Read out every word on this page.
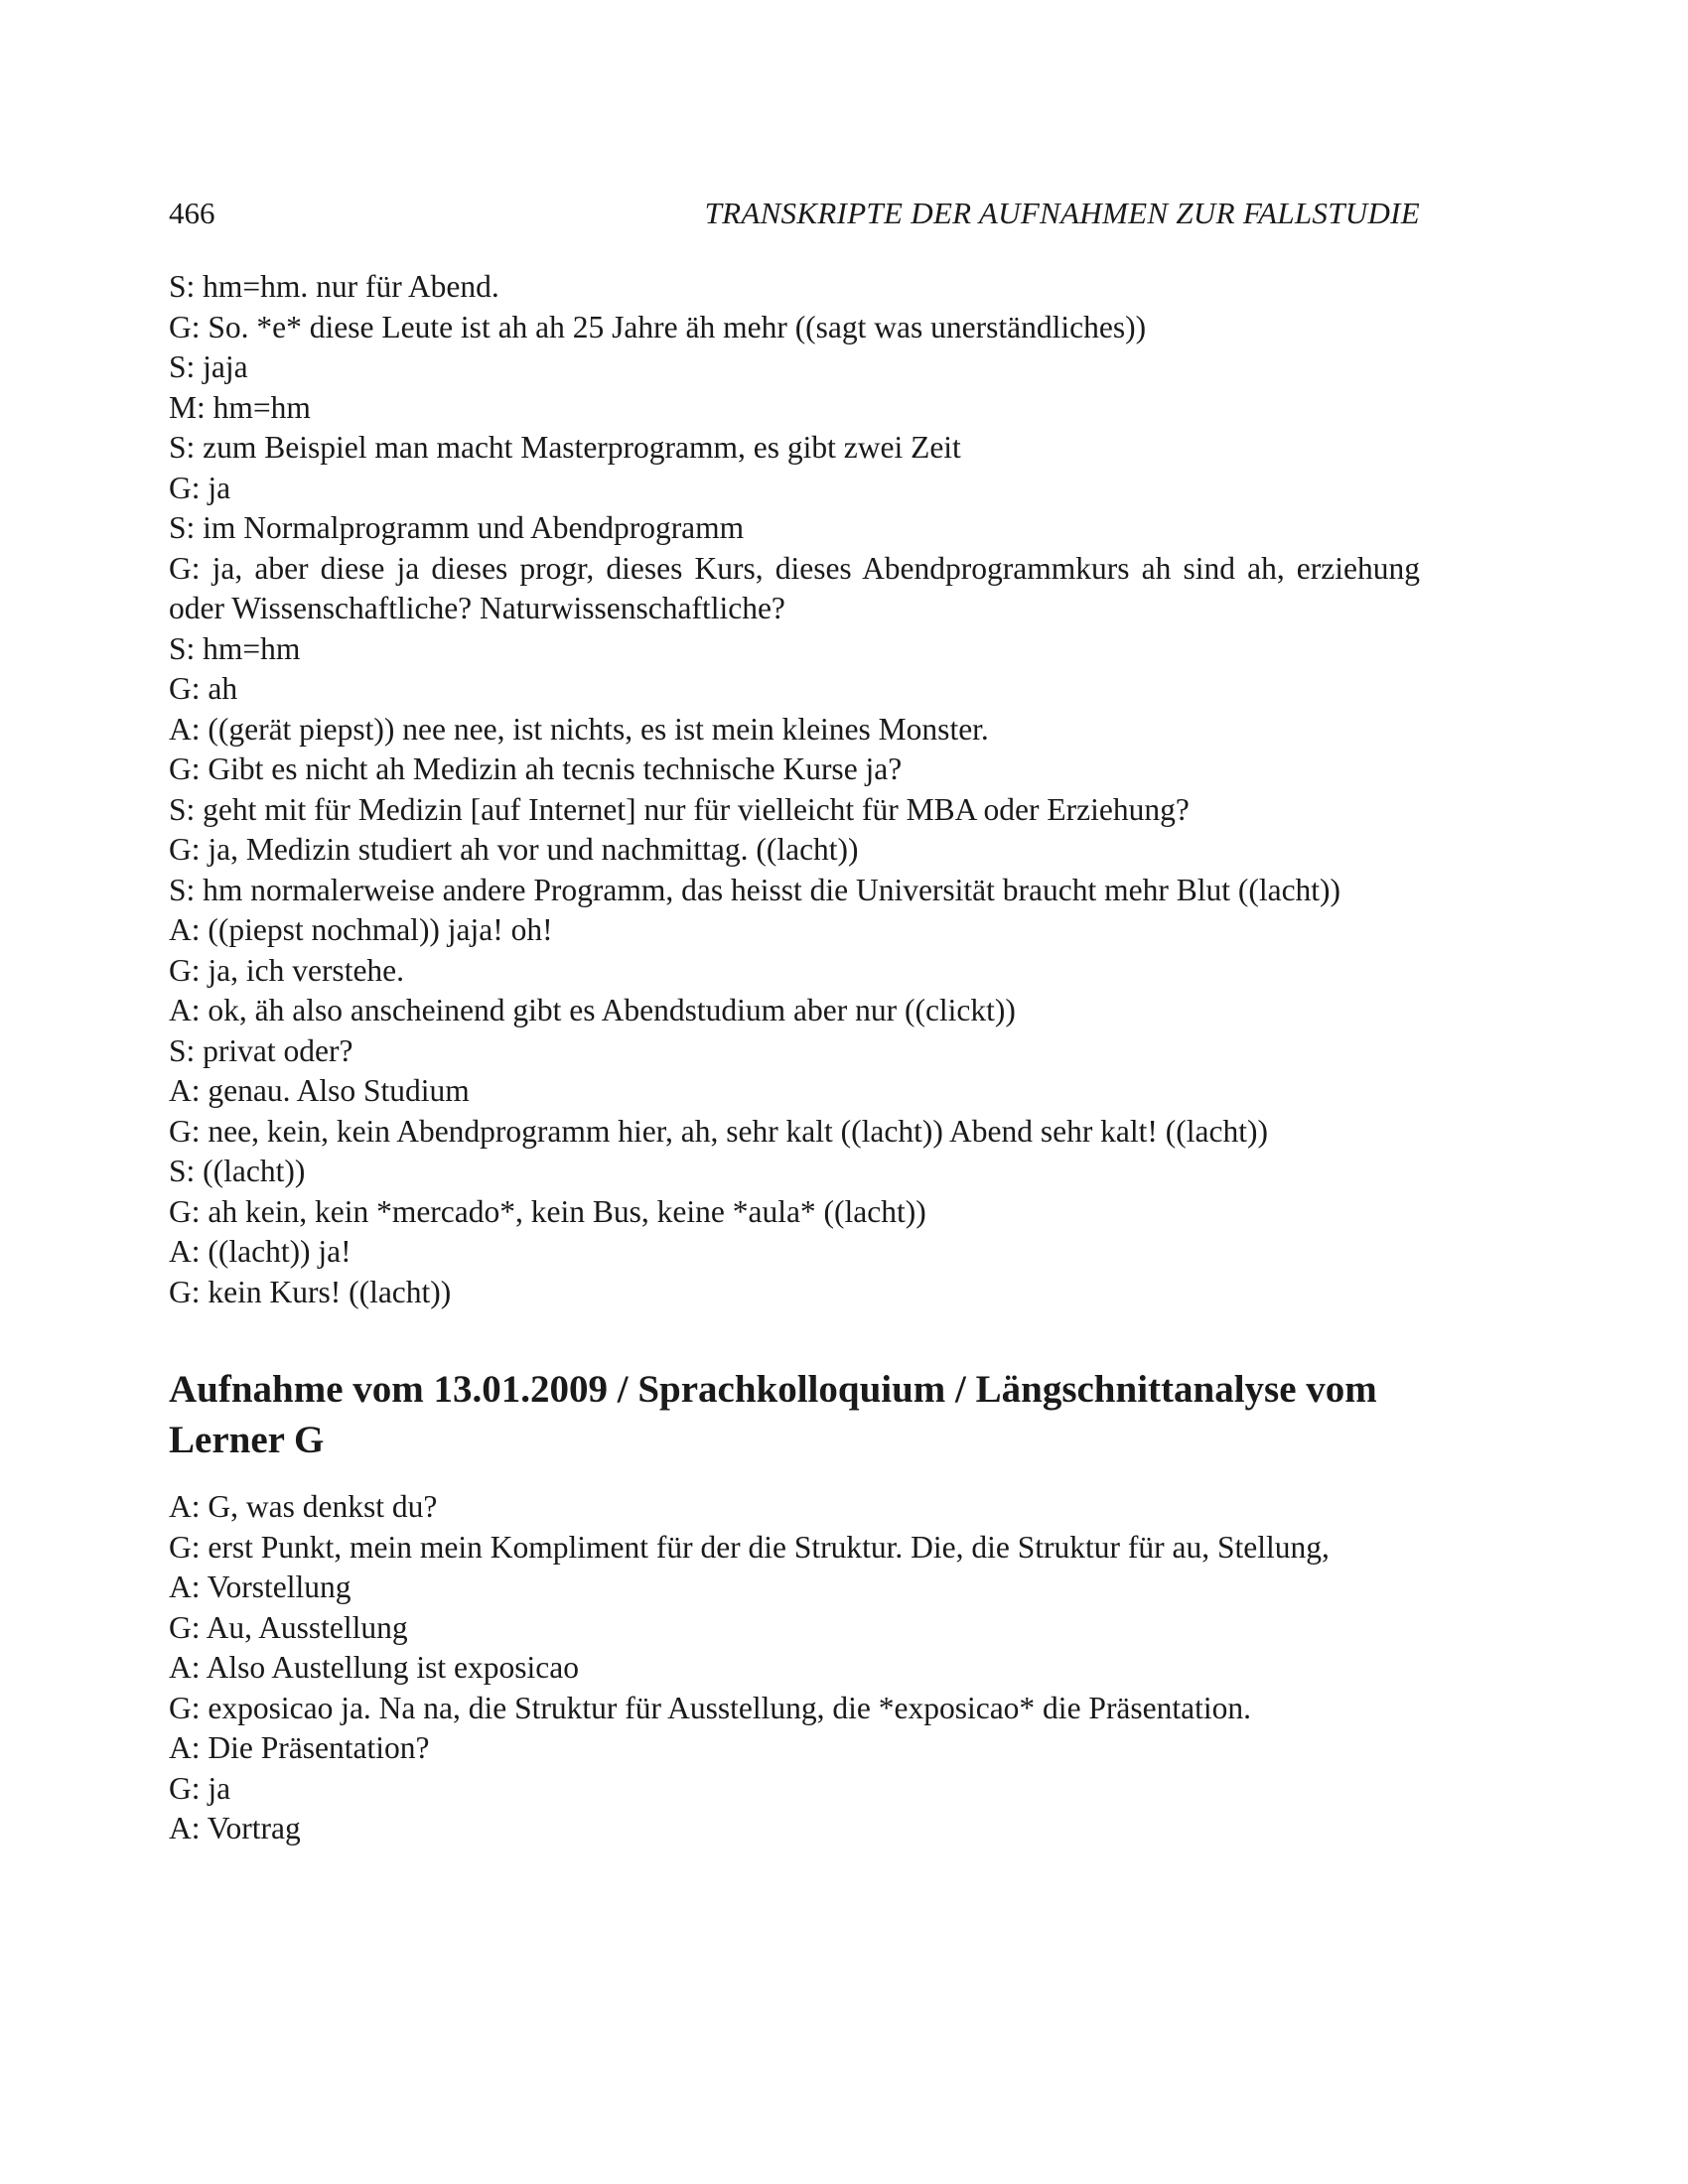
466	TRANSKRIPTE DER AUFNAHMEN ZUR FALLSTUDIE
S: hm=hm. nur für Abend.
G: So. *e* diese Leute ist ah ah 25 Jahre äh mehr ((sagt was unerständliches))
S: jaja
M: hm=hm
S: zum Beispiel man macht Masterprogramm, es gibt zwei Zeit
G: ja
S: im Normalprogramm und Abendprogramm
G: ja, aber diese ja dieses progr, dieses Kurs, dieses Abendprogrammkurs ah sind ah, erziehung oder Wissenschaftliche? Naturwissenschaftliche?
S: hm=hm
G: ah
A: ((gerät piepst)) nee nee, ist nichts, es ist mein kleines Monster.
G: Gibt es nicht ah Medizin ah tecnis technische Kurse ja?
S: geht mit für Medizin [auf Internet] nur für vielleicht für MBA oder Erziehung?
G: ja, Medizin studiert ah vor und nachmittag. ((lacht))
S: hm normalerweise andere Programm, das heisst die Universität braucht mehr Blut ((lacht))
A: ((piepst nochmal)) jaja! oh!
G: ja, ich verstehe.
A: ok, äh also anscheinend gibt es Abendstudium aber nur ((clickt))
S: privat oder?
A: genau. Also Studium
G: nee, kein, kein Abendprogramm hier, ah, sehr kalt ((lacht)) Abend sehr kalt! ((lacht))
S: ((lacht))
G: ah kein, kein *mercado*, kein Bus, keine *aula* ((lacht))
A: ((lacht)) ja!
G: kein Kurs! ((lacht))
Aufnahme vom 13.01.2009 / Sprachkolloquium / Längschnittanalyse vom Lerner G
A: G, was denkst du?
G: erst Punkt, mein mein Kompliment für der die Struktur. Die, die Struktur für au, Stellung,
A: Vorstellung
G: Au, Ausstellung
A: Also Austellung ist exposicao
G: exposicao ja. Na na, die Struktur für Ausstellung, die *exposicao* die Präsentation.
A: Die Präsentation?
G: ja
A: Vortrag
